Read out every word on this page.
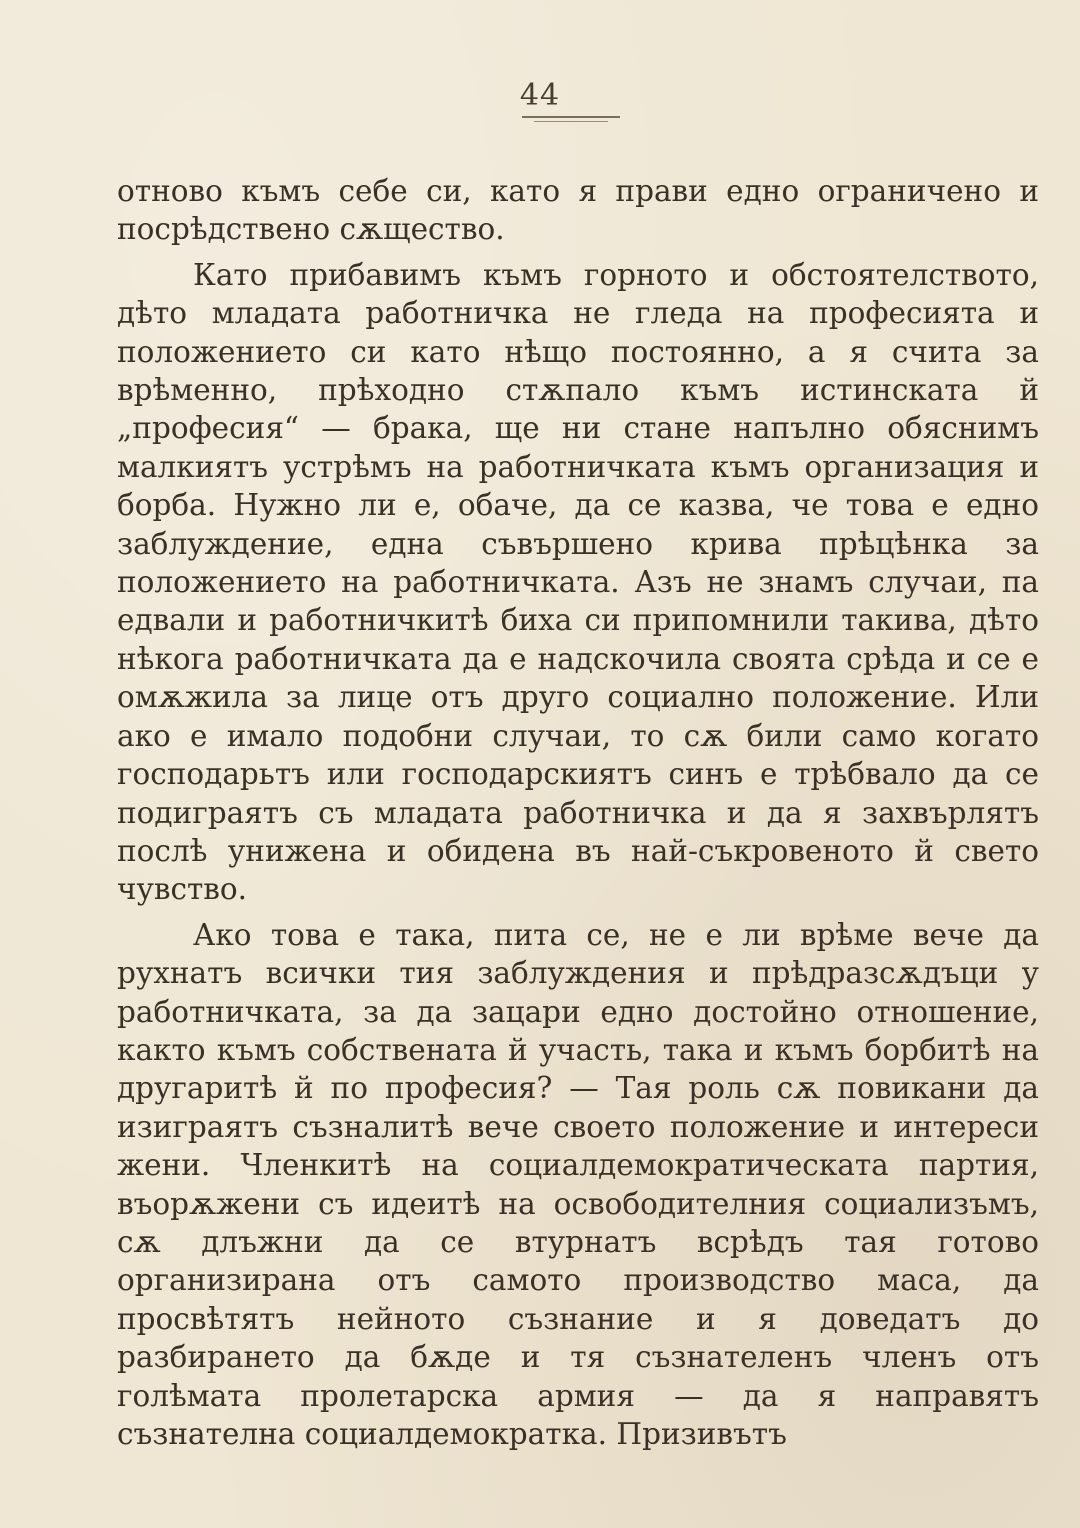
44

отново къмъ себе си, като я прави едно ограничено и посрѣдствено сѫщество.

Като прибавимъ къмъ горното и обстоятелството, дѣто младата работничка не гледа на професията и положението си като нѣщо постоянно, а я счита за врѣменно, прѣходно стѫпало къмъ истинската й „професия“ — брака, ще ни стане напълно обяснимъ малкиятъ устрѣмъ на работничката къмъ организация и борба. Нужно ли е, обаче, да се казва, че това е едно заблуждение, една съвършено крива прѣцѣнка за положението на работничката. Азъ не знамъ случаи, па едвали и работничкитѣ биха си припомнили такива, дѣто нѣкога работничката да е надскочила своята срѣда и се е омѫжила за лице отъ друго социално положение. Или ако е имало подобни случаи, то сѫ били само когато господарьтъ или господарскиятъ синъ е трѣбвало да се подиграятъ съ младата работничка и да я захвърлятъ послѣ унижена и обидена въ най-съкровеното й свето чувство.

Ако това е така, пита се, не е ли врѣме вече да рухнатъ всички тия заблуждения и прѣдразсѫдъци у работничката, за да зацари едно достойно отношение, както къмъ собствената й участь, така и къмъ борбитѣ на другаритѣ й по професия? — Тая роль сѫ повикани да изиграятъ съзналитѣ вече своето положение и интереси жени. Членкитѣ на социалдемократическата партия, въорѫжени съ идеитѣ на освободителния социализъмъ, сѫ длъжни да се втурнатъ всрѣдъ тая готово организирана отъ самото производство маса, да просвѣтятъ нейното съзнание и я доведатъ до разбирането да бѫде и тя съзнателенъ членъ отъ голѣмата пролетарска армия — да я направятъ съзнателна социалдемократка. Призивътъ
